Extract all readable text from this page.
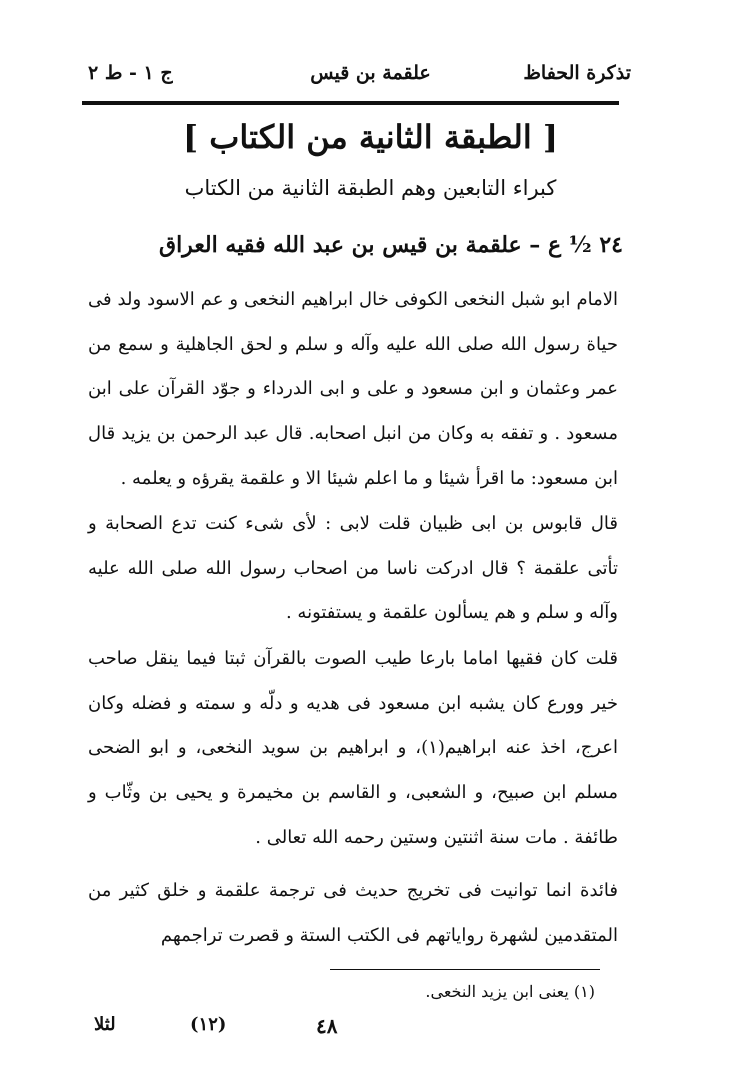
تذكرة الحفاظ
علقمة بن قيس
ج ١ - ط ٢
[ الطبقة الثانية من الكتاب ]
كبراء التابعين وهم الطبقة الثانية من الكتاب
٢٤ ½ ع – علقمة بن قيس بن عبد الله فقيه العراق
الامام ابو شبل النخعى الكوفى خال ابراهيم النخعى و عم الاسود ولد فى حياة رسول الله صلى الله عليه وآله و سلم و لحق الجاهلية و سمع من عمر وعثمان و ابن مسعود و على و ابى الدرداء و جوّد القرآن على ابن مسعود . و تفقه به وكان من انبل اصحابه. قال عبد الرحمن بن يزيد قال ابن مسعود: ما اقرأ شيئا و ما اعلم شيئا الا و علقمة يقرؤه و يعلمه .
قال قابوس بن ابى ظبيان قلت لابى : لأى شىء كنت تدع الصحابة و تأتى علقمة ؟ قال ادركت ناسا من اصحاب رسول الله صلى الله عليه وآله و سلم و هم يسألون علقمة و يستفتونه .
قلت كان فقيها اماما بارعا طيب الصوت بالقرآن ثبتا فيما ينقل صاحب خير وورع كان يشبه ابن مسعود فى هديه و دلّه و سمته و فضله وكان اعرج، اخذ عنه ابراهيم(١)، و ابراهيم بن سويد النخعى، و ابو الضحى مسلم ابن صبيح، و الشعبى، و القاسم بن مخيمرة و يحيى بن وثّاب و طائفة . مات سنة اثنتين وستين رحمه الله تعالى .
فائدة انما توانيت فى تخريج حديث فى ترجمة علقمة و خلق كثير من المتقدمين لشهرة رواياتهم فى الكتب الستة و قصرت تراجمهم
(١) يعنى ابن يزيد النخعى.
لثلا	(١٢)	٤٨
